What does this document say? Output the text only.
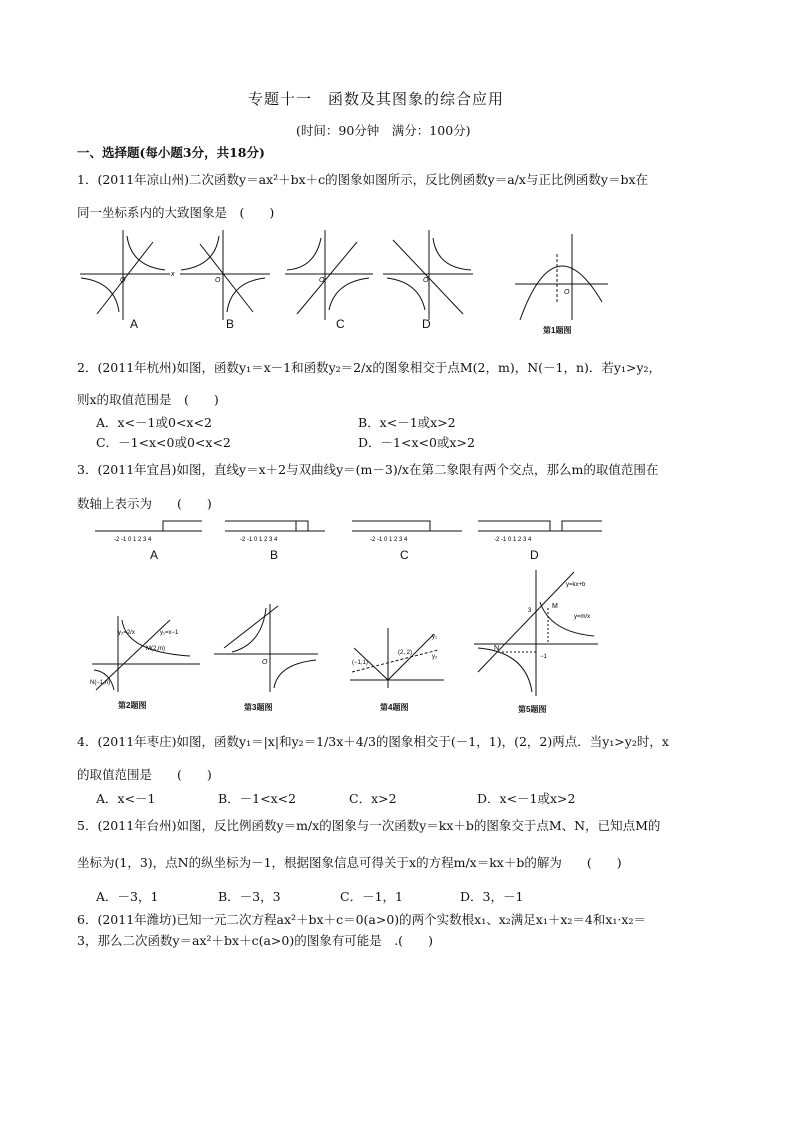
专题十一　函数及其图象的综合应用
(时间：90分钟　满分：100分)
一、选择题(每小题3分，共18分)
1．(2011年凉山州)二次函数y＝ax²＋bx＋c的图象如图所示，反比例函数y＝a/x与正比例函数y＝bx在
同一坐标系内的大致图象是　(　　)
O
x
O	O	O
A	B	C	D
O
第1题图
2．(2011年杭州)如图，函数y₁＝x－1和函数y₂＝2/x的图象相交于点M(2，m)，N(－1，n)．若y₁>y₂，
则x的取值范围是　(　　)
A．x<－1或0<x<2	B．x<－1或x>2
C．－1<x<0或0<x<2	D．－1<x<0或x>2
3．(2011年宜昌)如图，直线y＝x＋2与双曲线y＝(m－3)/x在第二象限有两个交点，那么m的取值范围在
数轴上表示为　　(　　)
-2 -1 0 1 2 3 4	-2 -1 0 1 2 3 4	-2 -1 0 1 2 3 4	-2 -1 0 1 2 3 4
A	B	C	D
y₂=2/x	y₁=x−1
M(2,m)
N(−1,n)
第2题图
O
第3题图
(2, 2)
(−1,1)
y₁
y₂
第4题图
y=kx+b
y=m/x
M
N
3
−1
第5题图
4．(2011年枣庄)如图，函数y₁＝|x|和y₂＝1/3x＋4/3的图象相交于(－1，1)，(2，2)两点．当y₁>y₂时，x
的取值范围是　　(　　)
A．x<－1	B．－1<x<2	C．x>2	D．x<－1或x>2
5．(2011年台州)如图，反比例函数y＝m/x的图象与一次函数y＝kx＋b的图象交于点M、N，已知点M的
坐标为(1，3)，点N的纵坐标为－1，根据图象信息可得关于x的方程m/x＝kx＋b的解为　　(　　)
A．－3，1	B．－3，3	C．－1，1	D．3，－1
6．(2011年潍坊)已知一元二次方程ax²＋bx＋c＝0(a>0)的两个实数根x₁、x₂满足x₁＋x₂＝4和x₁·x₂＝
3，那么二次函数y＝ax²＋bx＋c(a>0)的图象有可能是　.(　　)
